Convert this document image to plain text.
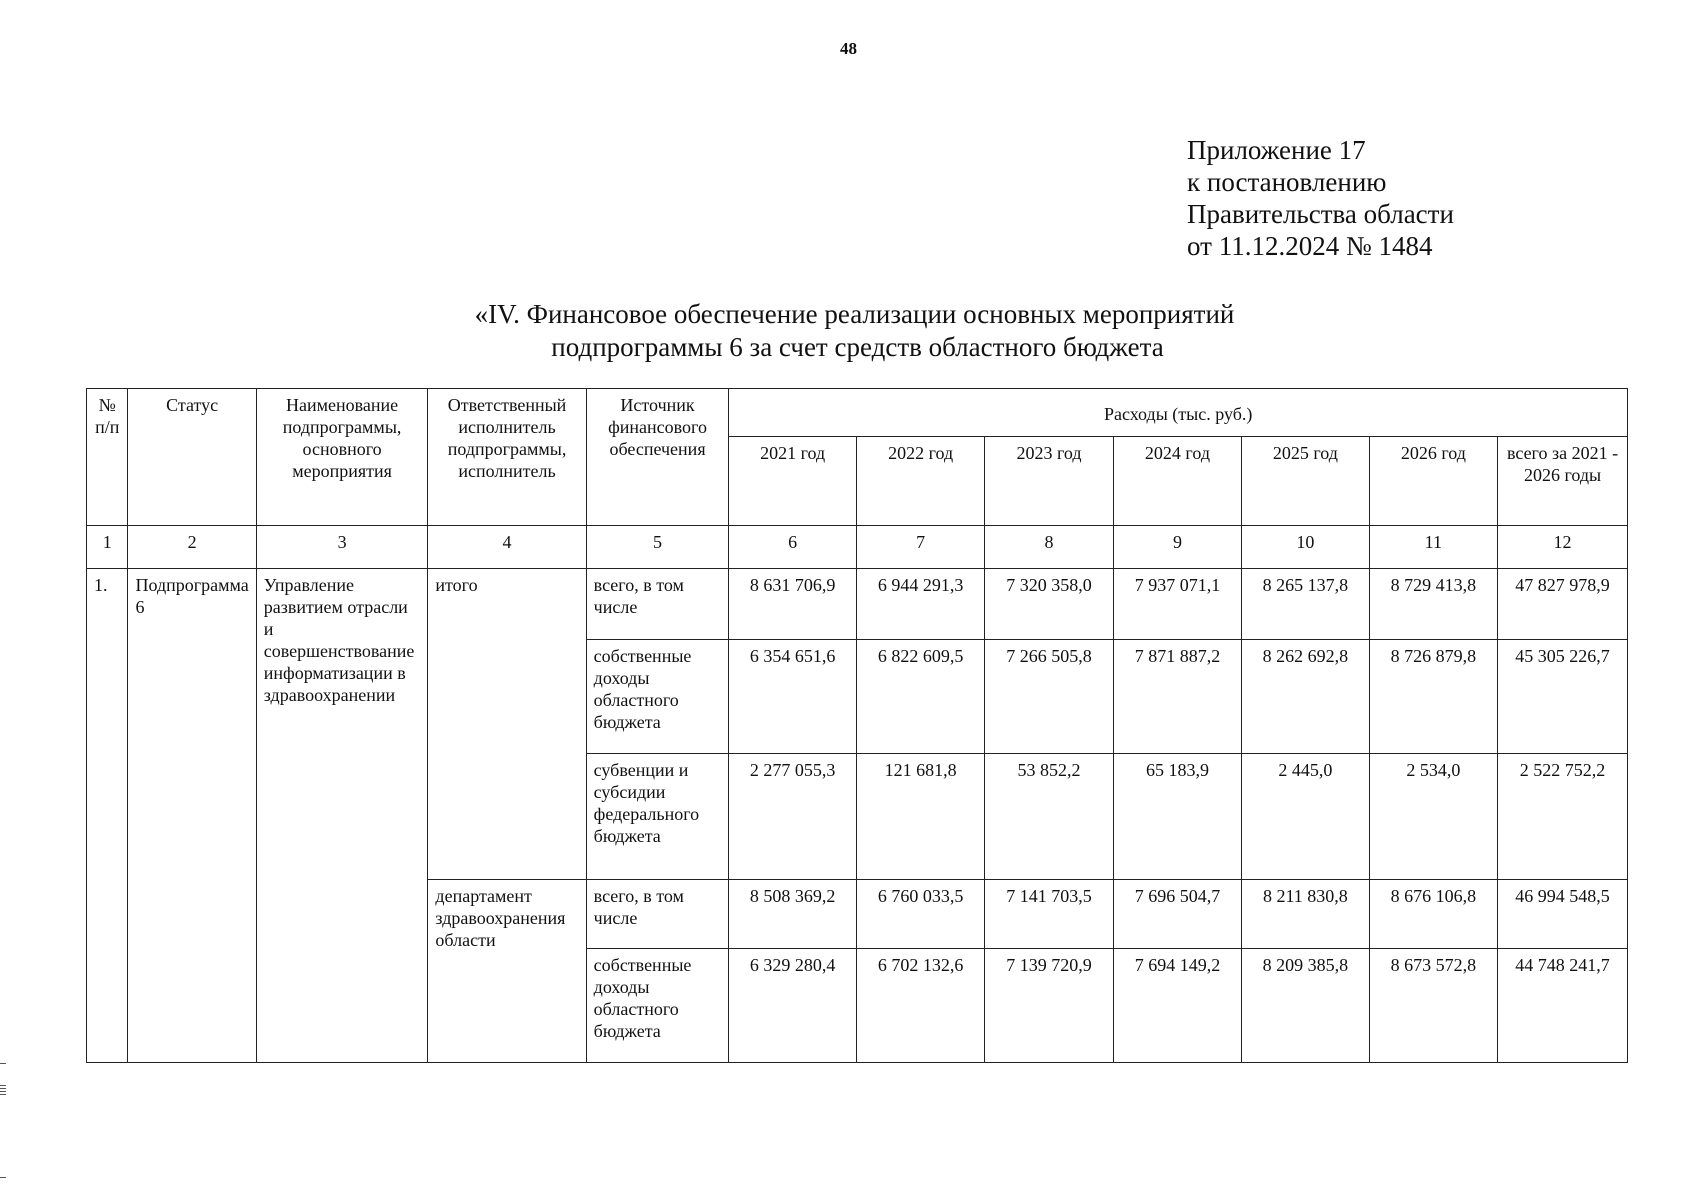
48
Приложение 17
к постановлению
Правительства области
от 11.12.2024 № 1484
«IV. Финансовое обеспечение реализации основных мероприятий
подпрограммы 6 за счет средств областного бюджета
№ п/п	Статус	Наименование подпрограммы, основного мероприятия	Ответственный исполнитель подпрограммы, исполнитель	Источник финансового обеспечения	Расходы (тыс. руб.)						
					2021 год	2022 год	2023 год	2024 год	2025 год	2026 год	всего за 2021 - 2026 годы
1	2	3	4	5	6	7	8	9	10	11	12
1.	Подпрограмма 6	Управление развитием отрасли и совершенствование информатизации в здравоохранении	итого	всего, в том числе	8 631 706,9	6 944 291,3	7 320 358,0	7 937 071,1	8 265 137,8	8 729 413,8	47 827 978,9
				собственные доходы областного бюджета	6 354 651,6	6 822 609,5	7 266 505,8	7 871 887,2	8 262 692,8	8 726 879,8	45 305 226,7
				субвенции и субсидии федерального бюджета	2 277 055,3	121 681,8	53 852,2	65 183,9	2 445,0	2 534,0	2 522 752,2
			департамент здравоохранения области	всего, в том числе	8 508 369,2	6 760 033,5	7 141 703,5	7 696 504,7	8 211 830,8	8 676 106,8	46 994 548,5
				собственные доходы областного бюджета	6 329 280,4	6 702 132,6	7 139 720,9	7 694 149,2	8 209 385,8	8 673 572,8	44 748 241,7
